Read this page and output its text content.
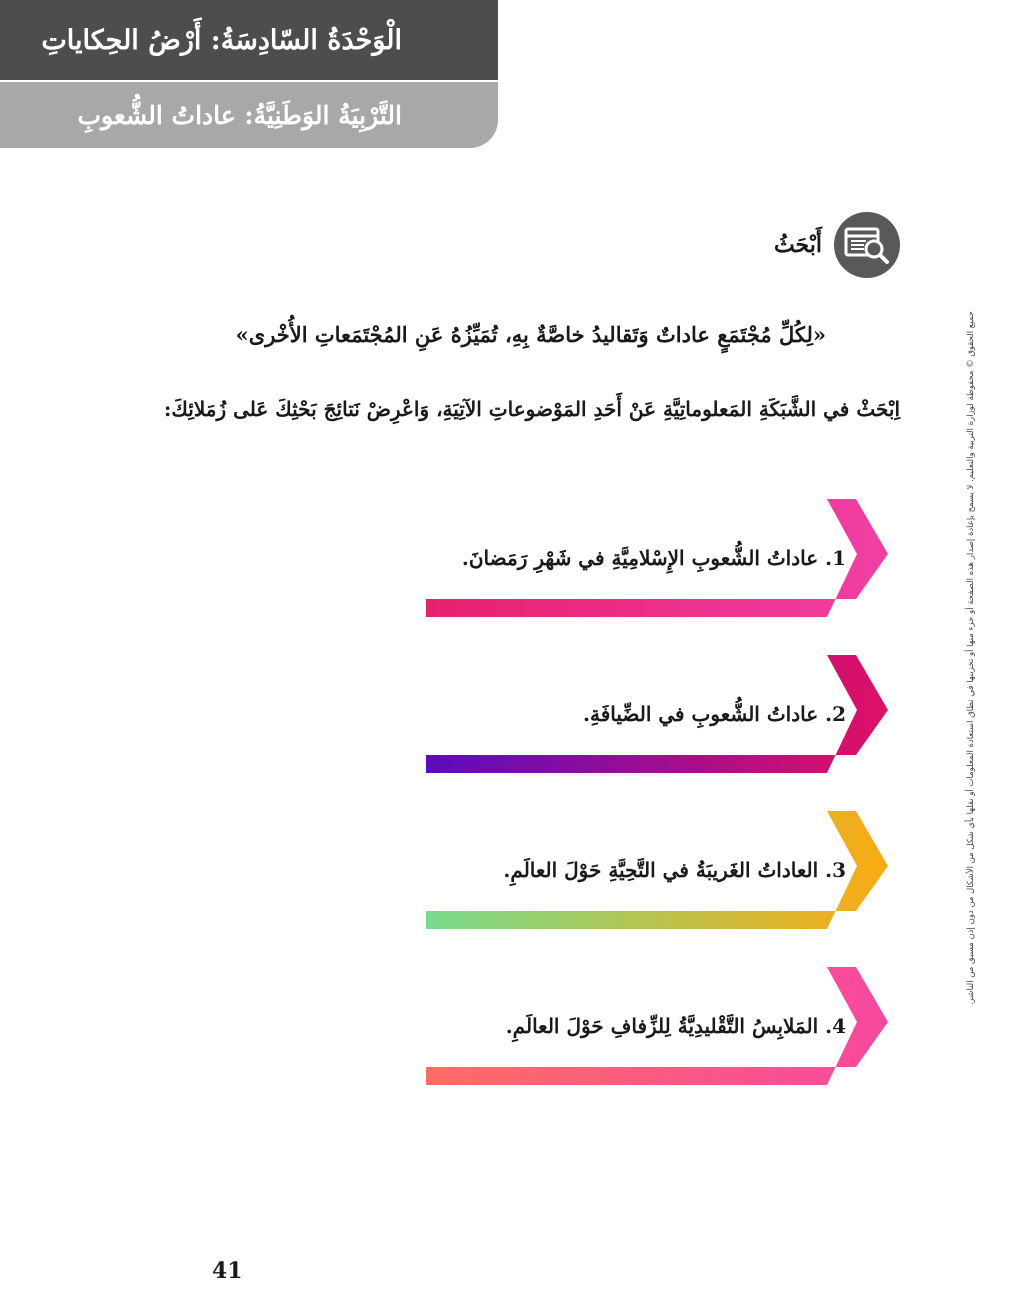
الْوَحْدَةُ السّادِسَةُ: أَرْضُ الحِكاياتِ
التَّرْبِيَةُ الوَطَنِيَّةُ: عاداتُ الشُّعوبِ
أَبْحَثُ
«لِكُلِّ مُجْتَمَعٍ عاداتٌ وَتَقاليدُ خاصَّةٌ بِهِ، تُمَيِّزُهُ عَنِ المُجْتَمَعاتِ الأُخْرى»
اِبْحَثْ في الشَّبَكَةِ المَعلوماتِيَّةِ عَنْ أَحَدِ المَوْضوعاتِ الآتِيَةِ، وَاعْرِضْ نَتائِجَ بَحْثِكَ عَلى زُمَلائِكَ:
1. عاداتُ الشُّعوبِ الإِسْلامِيَّةِ في شَهْرِ رَمَضانَ.
2. عاداتُ الشُّعوبِ في الضِّيافَةِ.
3. العاداتُ الغَريبَةُ في التَّحِيَّةِ حَوْلَ العالَمِ.
4. المَلابِسُ التَّقْليدِيَّةُ لِلزِّفافِ حَوْلَ العالَمِ.
جميع الحقوق © محفوظة لوزارة التربية والتعليم. لا يسمح بإعادة إصدار هذه الصفحة أو جزء منها أو تخزينها في نطاق استعادة المعلومات أو نقلها بأي شكل من الأشكال من دون إذن مسبق من الناشر.
41
